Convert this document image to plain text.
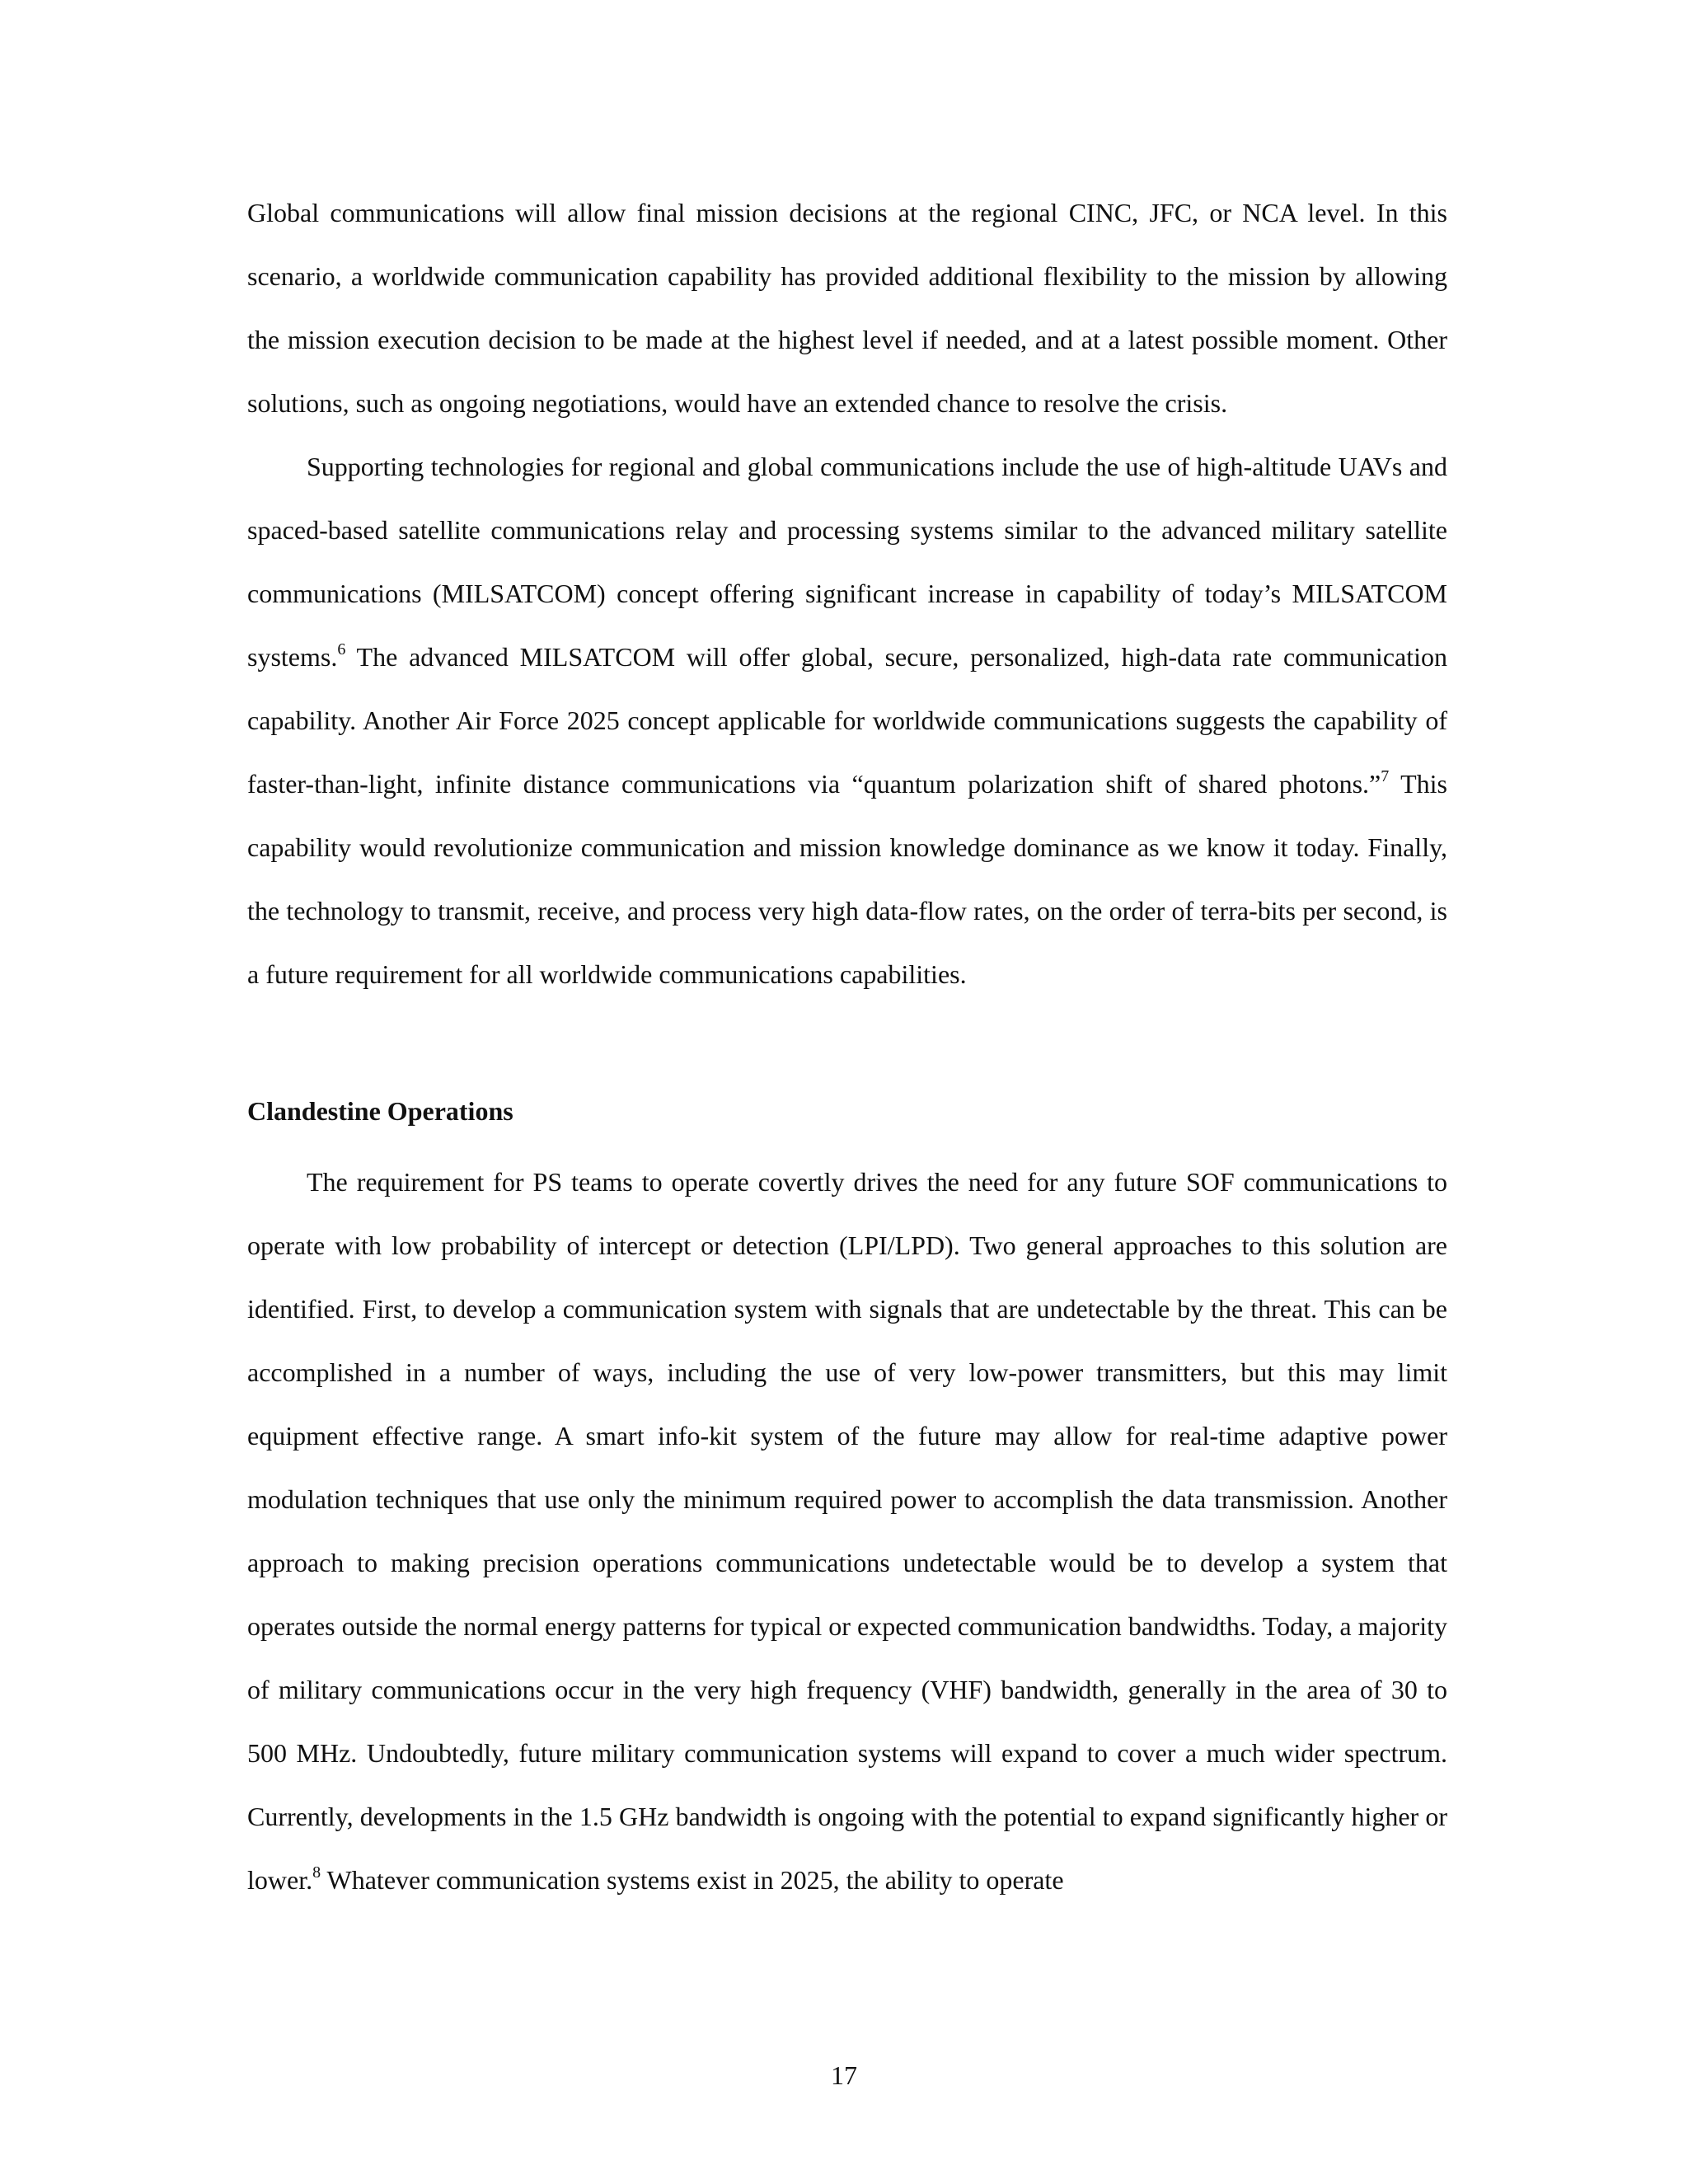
Global communications will allow final mission decisions at the regional CINC, JFC, or NCA level. In this scenario, a worldwide communication capability has provided additional flexibility to the mission by allowing the mission execution decision to be made at the highest level if needed, and at a latest possible moment. Other solutions, such as ongoing negotiations, would have an extended chance to resolve the crisis.

Supporting technologies for regional and global communications include the use of high-altitude UAVs and spaced-based satellite communications relay and processing systems similar to the advanced military satellite communications (MILSATCOM) concept offering significant increase in capability of today’s MILSATCOM systems.$^6$ The advanced MILSATCOM will offer global, secure, personalized, high-data rate communication capability. Another Air Force 2025 concept applicable for worldwide communications suggests the capability of faster-than-light, infinite distance communications via “quantum polarization shift of shared photons.”$^7$ This capability would revolutionize communication and mission knowledge dominance as we know it today. Finally, the technology to transmit, receive, and process very high data-flow rates, on the order of terra-bits per second, is a future requirement for all worldwide communications capabilities.

Clandestine Operations

The requirement for PS teams to operate covertly drives the need for any future SOF communications to operate with low probability of intercept or detection (LPI/LPD). Two general approaches to this solution are identified. First, to develop a communication system with signals that are undetectable by the threat. This can be accomplished in a number of ways, including the use of very low-power transmitters, but this may limit equipment effective range. A smart info-kit system of the future may allow for real-time adaptive power modulation techniques that use only the minimum required power to accomplish the data transmission. Another approach to making precision operations communications undetectable would be to develop a system that operates outside the normal energy patterns for typical or expected communication bandwidths. Today, a majority of military communications occur in the very high frequency (VHF) bandwidth, generally in the area of 30 to 500 MHz. Undoubtedly, future military communication systems will expand to cover a much wider spectrum. Currently, developments in the 1.5 GHz bandwidth is ongoing with the potential to expand significantly higher or lower.$^8$ Whatever communication systems exist in 2025, the ability to operate

17
